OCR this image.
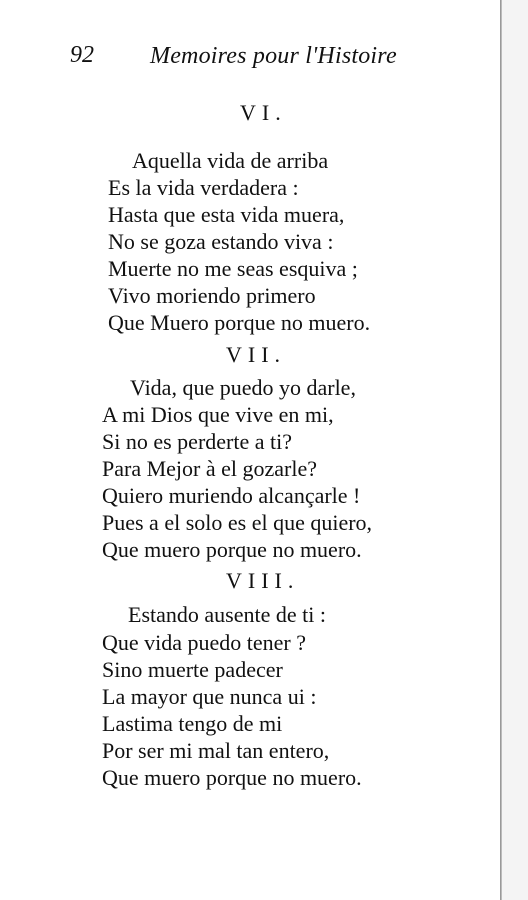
92 Memoires pour l'Histoire
VI.
Aquella vida de arriba
Es la vida verdadera :
Hasta que esta vida muera,
No se goza estando viva :
Muerte no me seas esquiva ;
Vivo moriendo primero
Que Muero porque no muero.
VII.
Vida, que puedo yo darle,
A mi Dios que vive en mi,
Si no es perderte a ti?
Para Mejor à el gozarle?
Quiero muriendo alcançarle !
Pues a el solo es el que quiero,
Que muero porque no muero.
VIII.
Estando ausente de ti :
Que vida puedo tener ?
Sino muerte padecer
La mayor que nunca ui :
Lastima tengo de mi
Por ser mi mal tan entero,
Que muero porque no muero.
